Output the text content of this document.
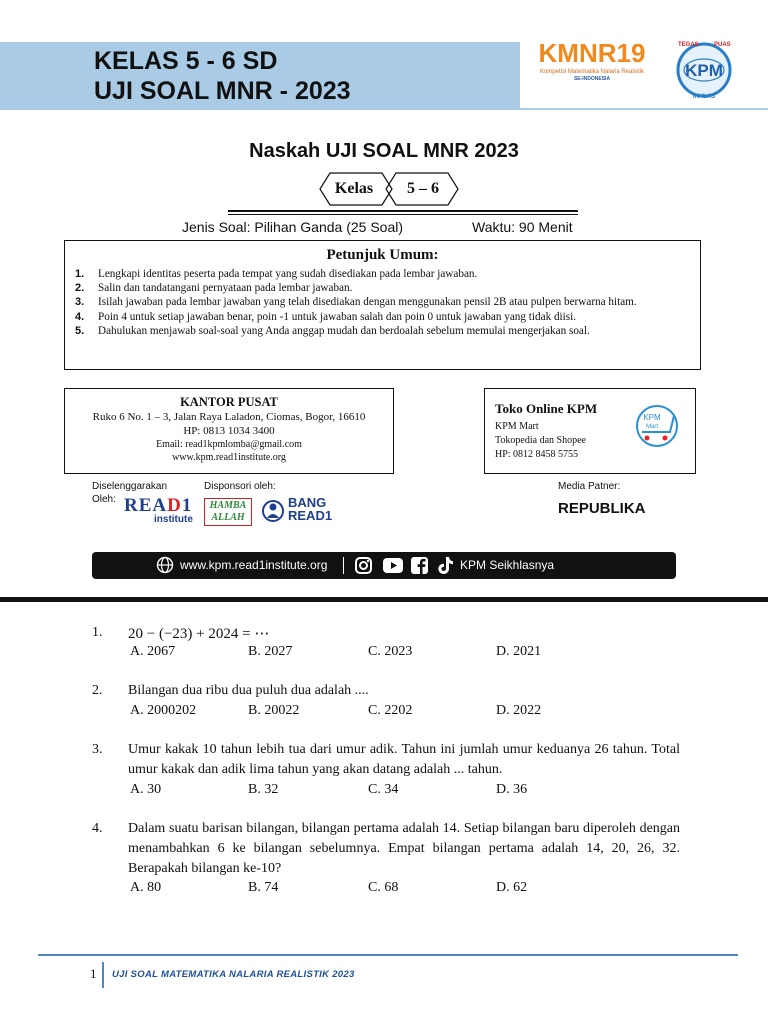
KELAS 5 - 6 SD
UJI SOAL MNR - 2023
KMNR19
Kompetisi Matematika Nalaria Realistik
SE-INDONESIA	KPM
TEGAS	PUAS
IKHLAS
Naskah UJI SOAL MNR 2023
Kelas	5 – 6
Jenis Soal: Pilihan Ganda (25 Soal)	Waktu: 90 Menit
Petunjuk Umum:
1. Lengkapi identitas peserta pada tempat yang sudah disediakan pada lembar jawaban.
2. Salin dan tandatangani pernyataan pada lembar jawaban.
3. Isilah jawaban pada lembar jawaban yang telah disediakan dengan menggunakan pensil 2B atau pulpen berwarna hitam.
4. Poin 4 untuk setiap jawaban benar, poin -1 untuk jawaban salah dan poin 0 untuk jawaban yang tidak diisi.
5. Dahulukan menjawab soal-soal yang Anda anggap mudah dan berdoalah sebelum memulai mengerjakan soal.
KANTOR PUSAT
Ruko 6 No. 1 – 3, Jalan Raya Laladon, Ciomas, Bogor, 16610
HP: 0813 1034 3400
Email: read1kpmlomba@gmail.com
www.kpm.read1institute.org
Toko Online KPM
KPM Mart
Tokopedia dan Shopee
HP: 0812 8458 5755
KPM
Mart
Diselenggarakan
Oleh:
Disponsori oleh:	Media Patner:
READ1
institute
HAMBA
ALLAH
BANG
READ1	REPUBLIKA
www.kpm.read1institute.org	KPM Seikhlasnya
1. 20 − (−23) + 2024 = ⋯
A. 2067	B. 2027	C. 2023	D. 2021
2. Bilangan dua ribu dua puluh dua adalah ....
A. 2000202	B. 20022	C. 2202	D. 2022
3. Umur kakak 10 tahun lebih tua dari umur adik. Tahun ini jumlah umur keduanya 26 tahun. Total umur kakak dan adik lima tahun yang akan datang adalah ... tahun.
A. 30	B. 32	C. 34	D. 36
4. Dalam suatu barisan bilangan, bilangan pertama adalah 14. Setiap bilangan baru diperoleh dengan menambahkan 6 ke bilangan sebelumnya. Empat bilangan pertama adalah 14, 20, 26, 32. Berapakah bilangan ke-10?
A. 80	B. 74	C. 68	D. 62
1 UJI SOAL MATEMATIKA NALARIA REALISTIK 2023
